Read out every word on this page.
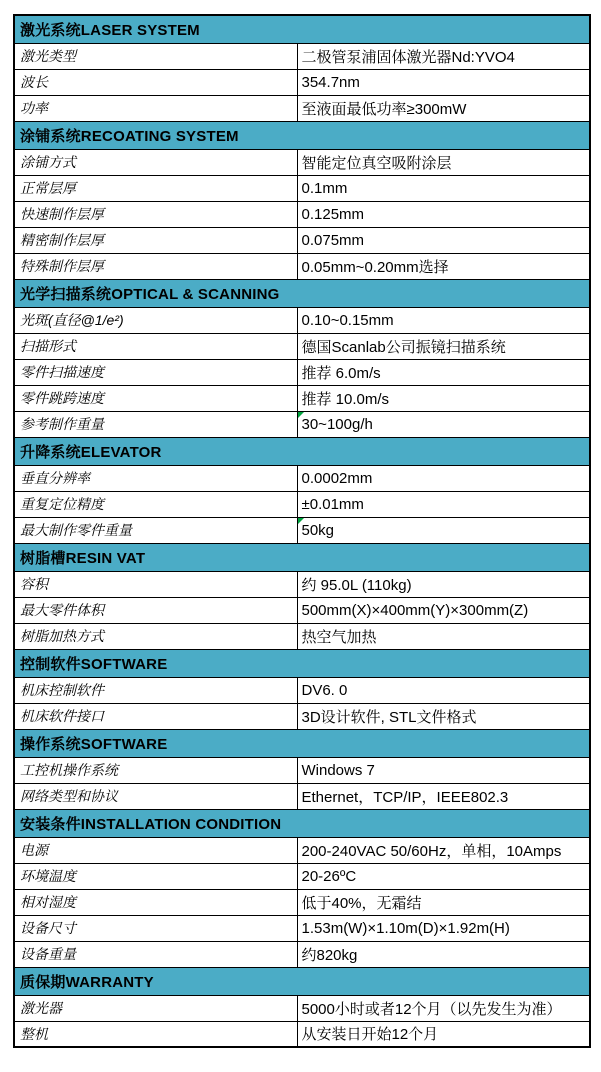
激光系统LASER SYSTEM	
激光类型	二极管泵浦固体激光器Nd:YVO4
波长	354.7nm
功率	至液面最低功率≥300mW
涂铺系统RECOATING SYSTEM	
涂铺方式	智能定位真空吸附涂层
正常层厚	0.1mm
快速制作层厚	0.125mm
精密制作层厚	0.075mm
特殊制作层厚	0.05mm~0.20mm选择
光学扫描系统OPTICAL & SCANNING	
光斑(直径@1/e²)	0.10~0.15mm
扫描形式	德国Scanlab公司振镜扫描系统
零件扫描速度	推荐 6.0m/s
零件跳跨速度	推荐 10.0m/s
参考制作重量	30~100g/h
升降系统ELEVATOR	
垂直分辨率	0.0002mm
重复定位精度	±0.01mm
最大制作零件重量	50kg
树脂槽RESIN VAT	
容积	约 95.0L (110kg)
最大零件体积	500mm(X)×400mm(Y)×300mm(Z)
树脂加热方式	热空气加热
控制软件SOFTWARE	
机床控制软件	DV6. 0
机床软件接口	3D设计软件, STL文件格式
操作系统SOFTWARE	
工控机操作系统	Windows 7
网络类型和协议	Ethernet，TCP/IP，IEEE802.3
安装条件INSTALLATION CONDITION	
电源	200-240VAC 50/60Hz，单相，10Amps
环境温度	20-26ºC
相对湿度	低于40%，无霜结
设备尺寸	1.53m(W)×1.10m(D)×1.92m(H)
设备重量	约820kg
质保期WARRANTY	
激光器	5000小时或者12个月（以先发生为准）
整机	从安装日开始12个月
